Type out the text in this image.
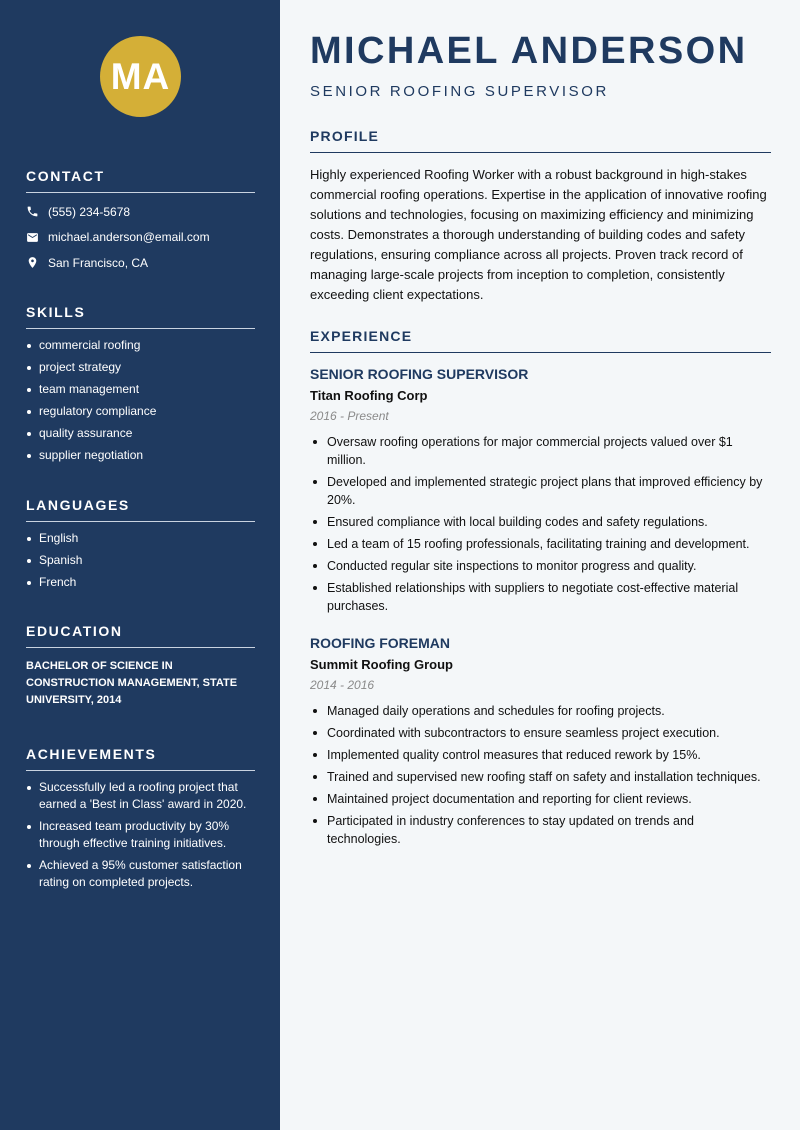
MA
CONTACT
(555) 234-5678
michael.anderson@email.com
San Francisco, CA
SKILLS
commercial roofing
project strategy
team management
regulatory compliance
quality assurance
supplier negotiation
LANGUAGES
English
Spanish
French
EDUCATION
BACHELOR OF SCIENCE IN CONSTRUCTION MANAGEMENT, STATE UNIVERSITY, 2014
ACHIEVEMENTS
Successfully led a roofing project that earned a 'Best in Class' award in 2020.
Increased team productivity by 30% through effective training initiatives.
Achieved a 95% customer satisfaction rating on completed projects.
MICHAEL ANDERSON
SENIOR ROOFING SUPERVISOR
PROFILE

Highly experienced Roofing Worker with a robust background in high-stakes commercial roofing operations. Expertise in the application of innovative roofing solutions and technologies, focusing on maximizing efficiency and minimizing costs. Demonstrates a thorough understanding of building codes and safety regulations, ensuring compliance across all projects. Proven track record of managing large-scale projects from inception to completion, consistently exceeding client expectations.

EXPERIENCE
SENIOR ROOFING SUPERVISOR
Titan Roofing Corp
2016 - Present
Oversaw roofing operations for major commercial projects valued over $1 million.
Developed and implemented strategic project plans that improved efficiency by 20%.
Ensured compliance with local building codes and safety regulations.
Led a team of 15 roofing professionals, facilitating training and development.
Conducted regular site inspections to monitor progress and quality.
Established relationships with suppliers to negotiate cost-effective material purchases.
ROOFING FOREMAN
Summit Roofing Group
2014 - 2016
Managed daily operations and schedules for roofing projects.
Coordinated with subcontractors to ensure seamless project execution.
Implemented quality control measures that reduced rework by 15%.
Trained and supervised new roofing staff on safety and installation techniques.
Maintained project documentation and reporting for client reviews.
Participated in industry conferences to stay updated on trends and technologies.
